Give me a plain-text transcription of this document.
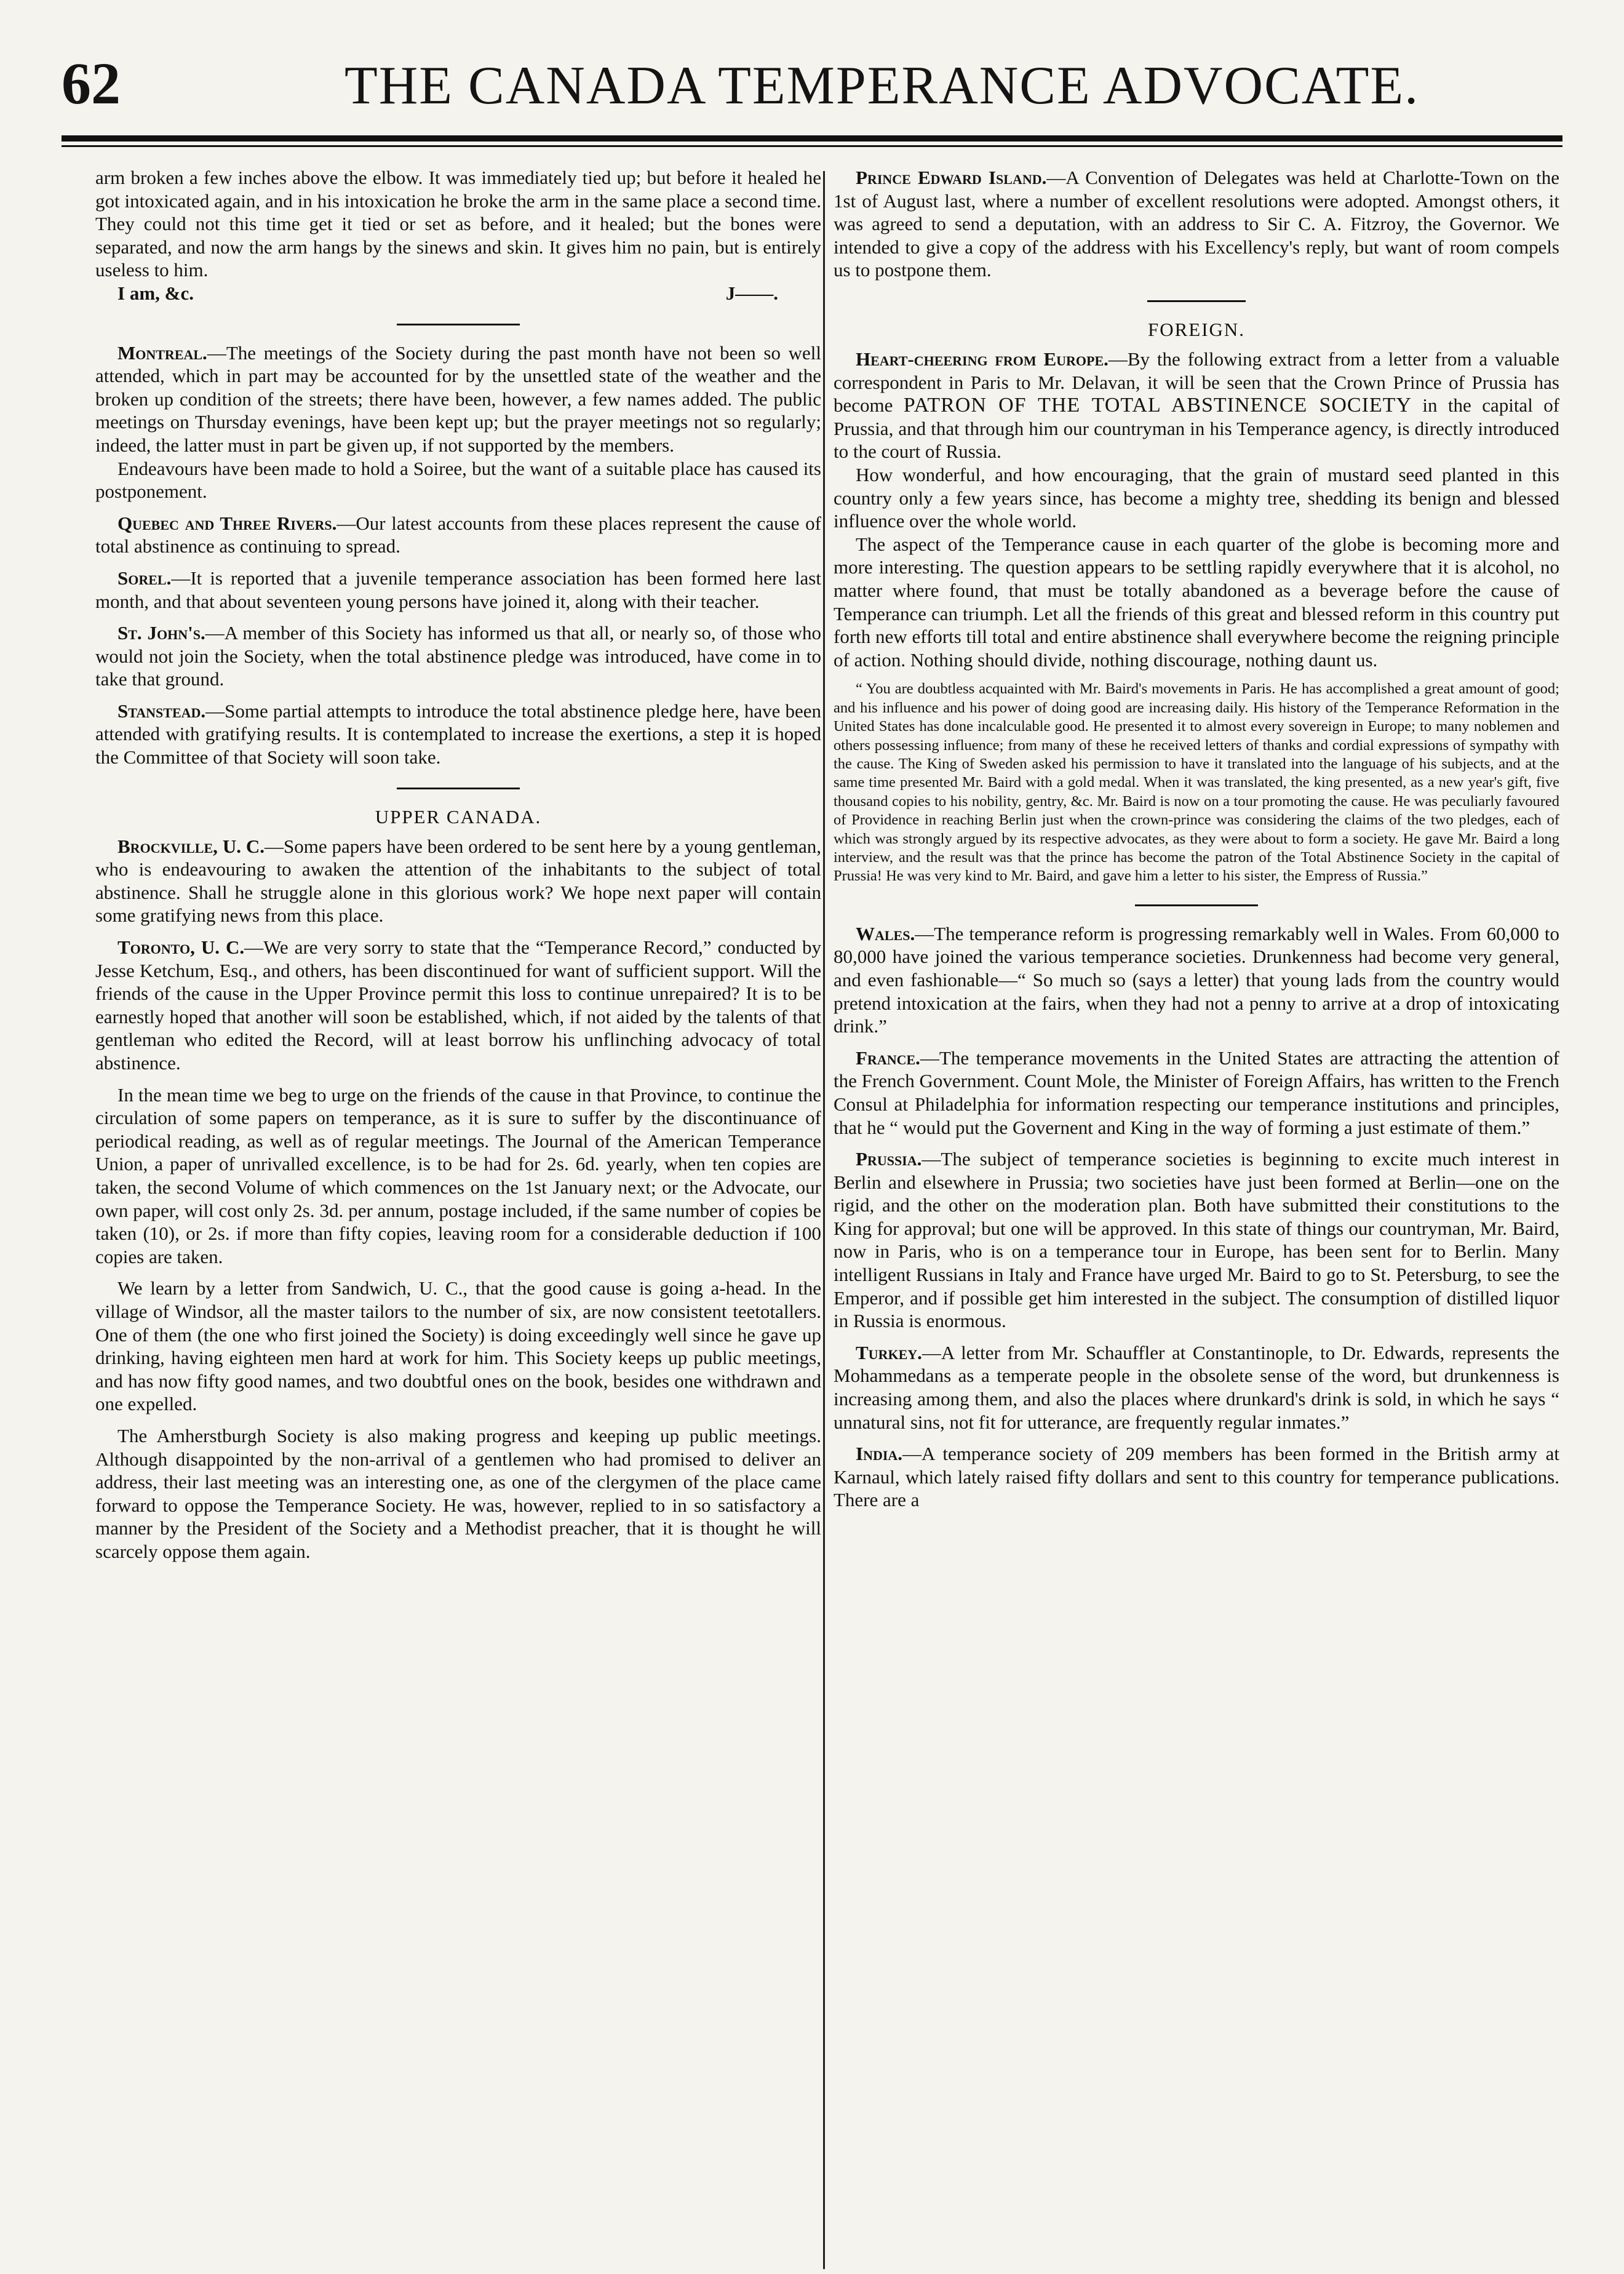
62	THE CANADA TEMPERANCE ADVOCATE.

arm broken a few inches above the elbow. It was immediately tied up; but before it healed he got intoxicated again, and in his intoxication he broke the arm in the same place a second time. They could not this time get it tied or set as before, and it healed; but the bones were separated, and now the arm hangs by the sinews and skin. It gives him no pain, but is entirely useless to him.

I am, &c.	J——.

Montreal.—The meetings of the Society during the past month have not been so well attended, which in part may be accounted for by the unsettled state of the weather and the broken up condition of the streets; there have been, however, a few names added. The public meetings on Thursday evenings, have been kept up; but the prayer meetings not so regularly; indeed, the latter must in part be given up, if not supported by the members.

Endeavours have been made to hold a Soiree, but the want of a suitable place has caused its postponement.

Quebec and Three Rivers.—Our latest accounts from these places represent the cause of total abstinence as continuing to spread.

Sorel.—It is reported that a juvenile temperance association has been formed here last month, and that about seventeen young persons have joined it, along with their teacher.

St. John's.—A member of this Society has informed us that all, or nearly so, of those who would not join the Society, when the total abstinence pledge was introduced, have come in to take that ground.

Stanstead.—Some partial attempts to introduce the total abstinence pledge here, have been attended with gratifying results. It is contemplated to increase the exertions, a step it is hoped the Committee of that Society will soon take.

UPPER CANADA.

Brockville, U. C.—Some papers have been ordered to be sent here by a young gentleman, who is endeavouring to awaken the attention of the inhabitants to the subject of total abstinence. Shall he struggle alone in this glorious work? We hope next paper will contain some gratifying news from this place.

Toronto, U. C.—We are very sorry to state that the “Temperance Record,” conducted by Jesse Ketchum, Esq., and others, has been discontinued for want of sufficient support. Will the friends of the cause in the Upper Province permit this loss to continue unrepaired? It is to be earnestly hoped that another will soon be established, which, if not aided by the talents of that gentleman who edited the Record, will at least borrow his unflinching advocacy of total abstinence.

In the mean time we beg to urge on the friends of the cause in that Province, to continue the circulation of some papers on temperance, as it is sure to suffer by the discontinuance of periodical reading, as well as of regular meetings. The Journal of the American Temperance Union, a paper of unrivalled excellence, is to be had for 2s. 6d. yearly, when ten copies are taken, the second Volume of which commences on the 1st January next; or the Advocate, our own paper, will cost only 2s. 3d. per annum, postage included, if the same number of copies be taken (10), or 2s. if more than fifty copies, leaving room for a considerable deduction if 100 copies are taken.

We learn by a letter from Sandwich, U. C., that the good cause is going a-head. In the village of Windsor, all the master tailors to the number of six, are now consistent teetotallers. One of them (the one who first joined the Society) is doing exceedingly well since he gave up drinking, having eighteen men hard at work for him. This Society keeps up public meetings, and has now fifty good names, and two doubtful ones on the book, besides one withdrawn and one expelled.

The Amherstburgh Society is also making progress and keeping up public meetings. Although disappointed by the non-arrival of a gentlemen who had promised to deliver an address, their last meeting was an interesting one, as one of the clergymen of the place came forward to oppose the Temperance Society. He was, however, replied to in so satisfactory a manner by the President of the Society and a Methodist preacher, that it is thought he will scarcely oppose them again.

Prince Edward Island.—A Convention of Delegates was held at Charlotte-Town on the 1st of August last, where a number of excellent resolutions were adopted. Amongst others, it was agreed to send a deputation, with an address to Sir C. A. Fitzroy, the Governor. We intended to give a copy of the address with his Excellency's reply, but want of room compels us to postpone them.

FOREIGN.

Heart-cheering from Europe.—By the following extract from a letter from a valuable correspondent in Paris to Mr. Delavan, it will be seen that the Crown Prince of Prussia has become PATRON OF THE TOTAL ABSTINENCE SOCIETY in the capital of Prussia, and that through him our countryman in his Temperance agency, is directly introduced to the court of Russia.

How wonderful, and how encouraging, that the grain of mustard seed planted in this country only a few years since, has become a mighty tree, shedding its benign and blessed influence over the whole world.

The aspect of the Temperance cause in each quarter of the globe is becoming more and more interesting. The question appears to be settling rapidly everywhere that it is alcohol, no matter where found, that must be totally abandoned as a beverage before the cause of Temperance can triumph. Let all the friends of this great and blessed reform in this country put forth new efforts till total and entire abstinence shall everywhere become the reigning principle of action. Nothing should divide, nothing discourage, nothing daunt us.

“ You are doubtless acquainted with Mr. Baird's movements in Paris. He has accomplished a great amount of good; and his influence and his power of doing good are increasing daily. His history of the Temperance Reformation in the United States has done incalculable good. He presented it to almost every sovereign in Europe; to many noblemen and others possessing influence; from many of these he received letters of thanks and cordial expressions of sympathy with the cause. The King of Sweden asked his permission to have it translated into the language of his subjects, and at the same time presented Mr. Baird with a gold medal. When it was translated, the king presented, as a new year's gift, five thousand copies to his nobility, gentry, &c. Mr. Baird is now on a tour promoting the cause. He was peculiarly favoured of Providence in reaching Berlin just when the crown-prince was considering the claims of the two pledges, each of which was strongly argued by its respective advocates, as they were about to form a society. He gave Mr. Baird a long interview, and the result was that the prince has become the patron of the Total Abstinence Society in the capital of Prussia! He was very kind to Mr. Baird, and gave him a letter to his sister, the Empress of Russia.”

Wales.—The temperance reform is progressing remarkably well in Wales. From 60,000 to 80,000 have joined the various temperance societies. Drunkenness had become very general, and even fashionable—“ So much so (says a letter) that young lads from the country would pretend intoxication at the fairs, when they had not a penny to arrive at a drop of intoxicating drink.”

France.—The temperance movements in the United States are attracting the attention of the French Government. Count Mole, the Minister of Foreign Affairs, has written to the French Consul at Philadelphia for information respecting our temperance institutions and principles, that he “ would put the Governent and King in the way of forming a just estimate of them.”

Prussia.—The subject of temperance societies is beginning to excite much interest in Berlin and elsewhere in Prussia; two societies have just been formed at Berlin—one on the rigid, and the other on the moderation plan. Both have submitted their constitutions to the King for approval; but one will be approved. In this state of things our countryman, Mr. Baird, now in Paris, who is on a temperance tour in Europe, has been sent for to Berlin. Many intelligent Russians in Italy and France have urged Mr. Baird to go to St. Petersburg, to see the Emperor, and if possible get him interested in the subject. The consumption of distilled liquor in Russia is enormous.

Turkey.—A letter from Mr. Schauffler at Constantinople, to Dr. Edwards, represents the Mohammedans as a temperate people in the obsolete sense of the word, but drunkenness is increasing among them, and also the places where drunkard's drink is sold, in which he says “ unnatural sins, not fit for utterance, are frequently regular inmates.”

India.—A temperance society of 209 members has been formed in the British army at Karnaul, which lately raised fifty dollars and sent to this country for temperance publications. There are a
